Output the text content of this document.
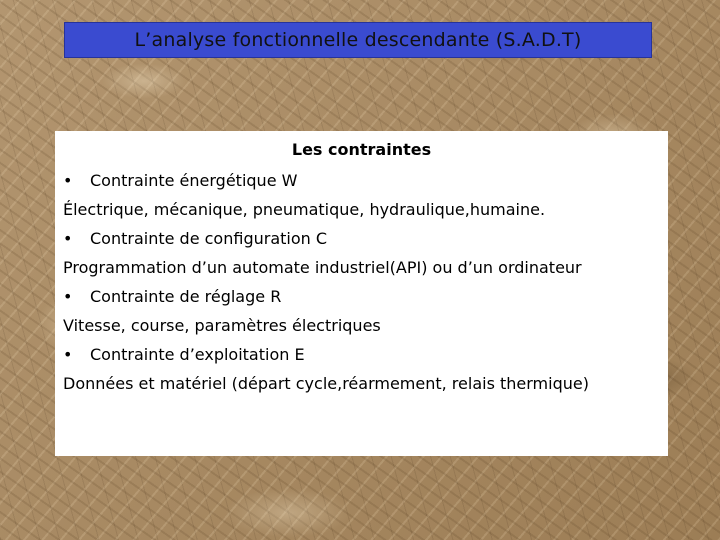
L’analyse fonctionnelle descendante (S.A.D.T)
Les contraintes
• Contrainte énergétique W
Électrique, mécanique, pneumatique, hydraulique,humaine.
• Contrainte de configuration C
Programmation d’un automate industriel(API) ou d’un ordinateur
• Contrainte de réglage R
Vitesse, course, paramètres électriques
• Contrainte d’exploitation E
Données et matériel (départ cycle,réarmement, relais thermique)
